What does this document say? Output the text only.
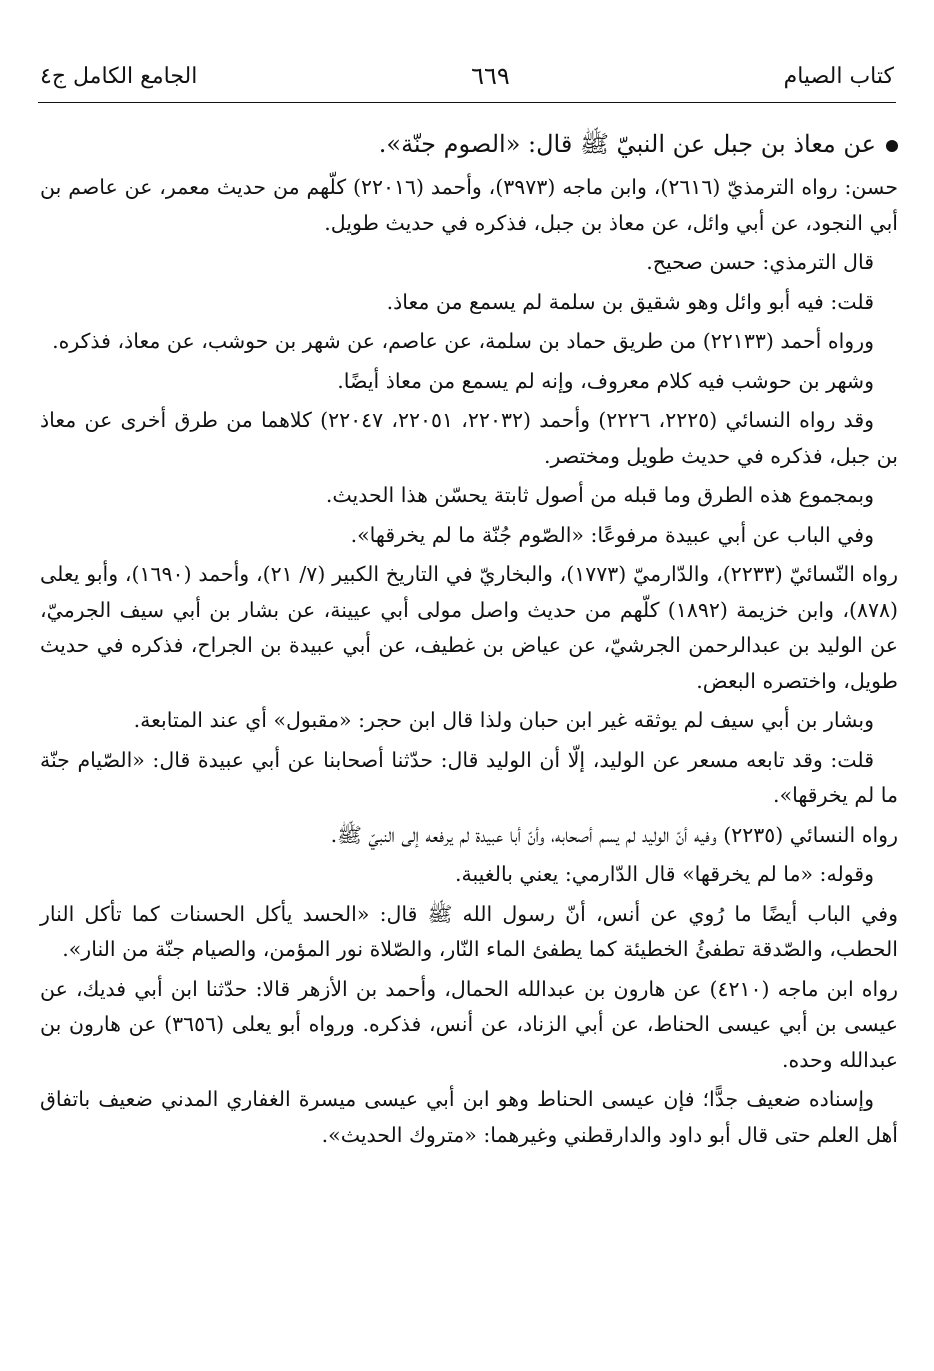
كتاب الصيام
٦٦٩
الجامع الكامل ج٤

عن معاذ بن جبل عن النبيّ ﷺ قال: «الصوم جنّة».

حسن: رواه الترمذيّ (٢٦١٦)، وابن ماجه (٣٩٧٣)، وأحمد (٢٢٠١٦) كلّهم من حديث معمر، عن عاصم بن أبي النجود، عن أبي وائل، عن معاذ بن جبل، فذكره في حديث طويل.

قال الترمذي: حسن صحيح.

قلت: فيه أبو وائل وهو شقيق بن سلمة لم يسمع من معاذ.

ورواه أحمد (٢٢١٣٣) من طريق حماد بن سلمة، عن عاصم، عن شهر بن حوشب، عن معاذ، فذكره.

وشهر بن حوشب فيه كلام معروف، وإنه لم يسمع من معاذ أيضًا.

وقد رواه النسائي (٢٢٢٥، ٢٢٢٦) وأحمد (٢٢٠٣٢، ٢٢٠٥١، ٢٢٠٤٧) كلاهما من طرق أخرى عن معاذ بن جبل، فذكره في حديث طويل ومختصر.

وبمجموع هذه الطرق وما قبله من أصول ثابتة يحسّن هذا الحديث.

وفي الباب عن أبي عبيدة مرفوعًا: «الصّوم جُنّة ما لم يخرقها».

رواه النّسائيّ (٢٢٣٣)، والدّارميّ (١٧٧٣)، والبخاريّ في التاريخ الكبير (٧/ ٢١)، وأحمد (١٦٩٠)، وأبو يعلى (٨٧٨)، وابن خزيمة (١٨٩٢) كلّهم من حديث واصل مولى أبي عيينة، عن بشار بن أبي سيف الجرميّ، عن الوليد بن عبدالرحمن الجرشيّ، عن عياض بن غطيف، عن أبي عبيدة بن الجراح، فذكره في حديث طويل، واختصره البعض.

وبشار بن أبي سيف لم يوثقه غير ابن حبان ولذا قال ابن حجر: «مقبول» أي عند المتابعة.

قلت: وقد تابعه مسعر عن الوليد، إلّا أن الوليد قال: حدّثنا أصحابنا عن أبي عبيدة قال: «الصّيام جنّة ما لم يخرقها».

رواه النسائي (٢٢٣٥) وفيه أنّ الوليد لم يسم أصحابه، وأنّ أبا عبيدة لم يرفعه إلى النبيّ ﷺ.

وقوله: «ما لم يخرقها» قال الدّارمي: يعني بالغيبة.

وفي الباب أيضًا ما رُوي عن أنس، أنّ رسول الله ﷺ قال: «الحسد يأكل الحسنات كما تأكل النار الحطب، والصّدقة تطفئُ الخطيئة كما يطفئ الماء النّار، والصّلاة نور المؤمن، والصيام جنّة من النار».

رواه ابن ماجه (٤٢١٠) عن هارون بن عبدالله الحمال، وأحمد بن الأزهر قالا: حدّثنا ابن أبي فديك، عن عيسى بن أبي عيسى الحناط، عن أبي الزناد، عن أنس، فذكره. ورواه أبو يعلى (٣٦٥٦) عن هارون بن عبدالله وحده.

وإسناده ضعيف جدًّا؛ فإن عيسى الحناط وهو ابن أبي عيسى ميسرة الغفاري المدني ضعيف باتفاق أهل العلم حتى قال أبو داود والدارقطني وغيرهما: «متروك الحديث».
